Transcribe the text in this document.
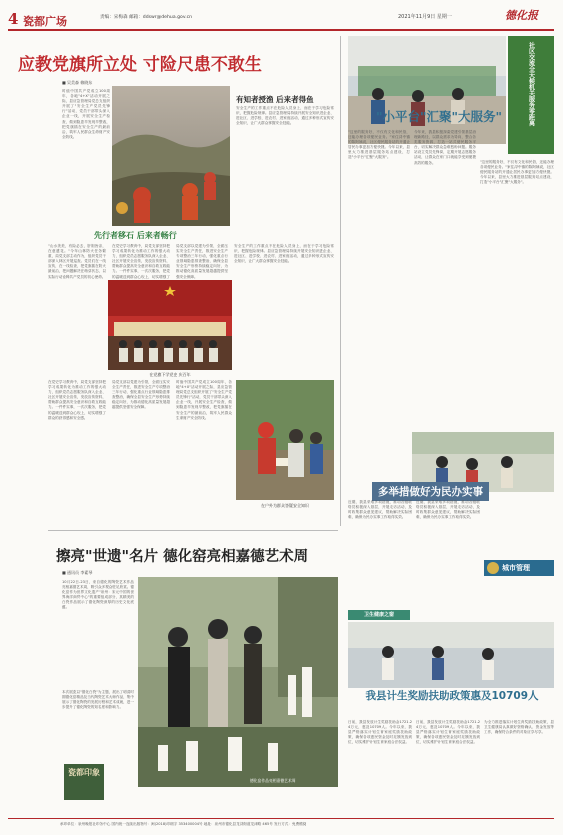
4 瓷都广场	责编：宋梅森 邮箱：ddswr@dehua.gov.cn	2021年11月9日 星期一	德化报
应教党旗所立处 寸险尺患不敢生
■ 吴美森 赖晓东
时值中国共产党成立100周年，各地"4+X"活动开展之际，县应急管理局党总支组织开展了"安全生产党员先锋行"活动，党员干部带头深入企业一线，开展安全生产检查，做到隐患早发现早整改，把党旗插在安全生产的最前沿，筑牢人民群众生命财产安全防线。
有知者授渔 后来者得鱼
安全生产的工作重点不在危险人员身上，而在于学习危险常识，把握危险规律。县应急管理局持续开展安全知识进企业、进社区、进学校、进农村、进家庭活动，通过多种形式宣传安全知识，让广大群众掌握安全技能。
先行者移石 后来者畅行
"山水美美，有险必去，肝胆皆亲，在意遣花。"今年山林防火任务繁重，局党支部主动作为，组织党员干部深入林区开展巡查。党员们在一线宣传，在一线检查，把党旗插在防火最前沿，把问题解决在萌芽状态，以实际行动诠释共产党员的初心使命。
在党史学习教育中，局党支部坚持把学习成果转化为推动工作的强大动力，组织党员志愿服务队深入企业、社区开展安全宣传，发放宣传资料，帮助群众提高安全意识和自救互救能力。一件件实事，一次次服务，把党的温暖送到群众心坎上，切实增强了
局党支部以党建为引领，全面压实安全生产责任，推进安全生产专项整治三年行动，强化重点行业领域隐患排查整治，确保全县安全生产形势持续稳定向好，为推动德化高质量发展超越提供坚强安全保障。
安全生产的工作重点不在危险人员身上，而在于学习危险常识，把握危险规律。县应急管理局持续开展安全知识进企业、进社区、进学校、进农村、进家庭活动，通过多种形式宣传安全知识，让广大群众掌握安全技能。
在党旗下学党史 庆百年
在户外为群众答疑安全知识
在党史学习教育中，局党支部坚持把学习成果转化为推动工作的强大动力，组织党员志愿服务队深入企业、社区开展安全宣传，发放宣传资料，帮助群众提高安全意识和自救互救能力。一件件实事，一次次服务，把党的温暖送到群众心坎上，切实增强了群众的获得感和安全感。
局党支部以党建为引领，全面压实安全生产责任，推进安全生产专项整治三年行动，强化重点行业领域隐患排查整治，确保全县安全生产形势持续稳定向好，为推动德化高质量发展超越提供坚强安全保障。
时值中国共产党成立100周年，各地"4+X"活动开展之际，县应急管理局党总支组织开展了"安全生产党员先锋行"活动，党员干部带头深入企业一线，开展安全生产检查，做到隐患早发现早整改，把党旗插在安全生产的最前沿，筑牢人民群众生命财产安全防线。
社区交流全天候机关服务零距离
"小平台"汇聚"大服务"
"这里的服务好，不仅有文化和民俗，还能办理各项便民业务。"家住浔中镇的陈阿姨说，社区便民服务站的开通让居民办事更加方便快捷。今年以来，县里大力推进基层服务站点建设，打造"小平台"汇聚"大服务"。
今年来，我县积极探索党建引领基层治理新路径，以群众需求为导向，整合各类服务资源，打造一站式便民服务平台，切实解决群众急难愁盼问题。服务站设立党员先锋岗，定期开展志愿服务活动，让群众在家门口就能享受到便捷高效的服务。	"这里的服务好，不仅有文化和民俗，还能办理各项便民业务。"家住浔中镇的陈阿姨说，社区便民服务站的开通让居民办事更加方便快捷。今年以来，县里大力推进基层服务站点建设，打造"小平台"汇聚"大服务"。
多举措做好为民办实事
近期，我县采取多项措施，推动各级联络员积极深入基层，开展走访活动，及时收集群众意见建议，帮助解决实际困难，确保为民办实事工作取得实效。
近期，我县采取多项措施，推动各级联络员积极深入基层，开展走访活动，及时收集群众意见建议，帮助解决实际困难，确保为民办实事工作取得实效。
城市管理
擦亮"世遗"名片 德化窑亮相嘉德艺术周
■ 通讯员 李素琴
10月22日-23日，来自德化的陶瓷艺术作品亮相嘉德艺术周，吸引众多观众驻足欣赏。德化窑作为世界文化遗产"泉州：宋元中国的世界海洋商贸中心"的重要组成部分，其精美的白瓷作品展示了德化陶瓷深厚的历史文化底蕴。
本次展览以"德化白瓷"为主题，展出了明清时期德化窑精品及当代陶瓷艺术大师作品，集中展示了德化陶瓷的发展历程和艺术成就，进一步提升了德化陶瓷的知名度和影响力。
瓷都印象
德化窑作品亮相嘉德艺术周
卫生健康之窗
我县计生奖励扶助政策惠及10709人
日前，我县发放计生奖励扶助金1721.24万元，惠及10709人。今年以来，我县严格落实计划生育家庭奖励扶助政策，确保各项惠民资金及时足额发放到位，切实维护计划生育家庭合法权益。
日前，我县发放计生奖励扶助金1721.24万元，惠及10709人。今年以来，我县严格落实计划生育家庭奖励扶助政策，确保各项惠民资金及时足额发放到位，切实维护计划生育家庭合法权益。
为全力推进落实计划生育奖励扶助政策，县卫生健康局认真做好资格确认、资金发放等工作，确保符合条件的对象应享尽享。
承印单位：泉州晚报社印务中心 国内统一连续出版物号：闽(2018)印刷字 353400004号 地址：泉州市德化县龙浔街道龙津路 465号 发行方式：免费赠阅
